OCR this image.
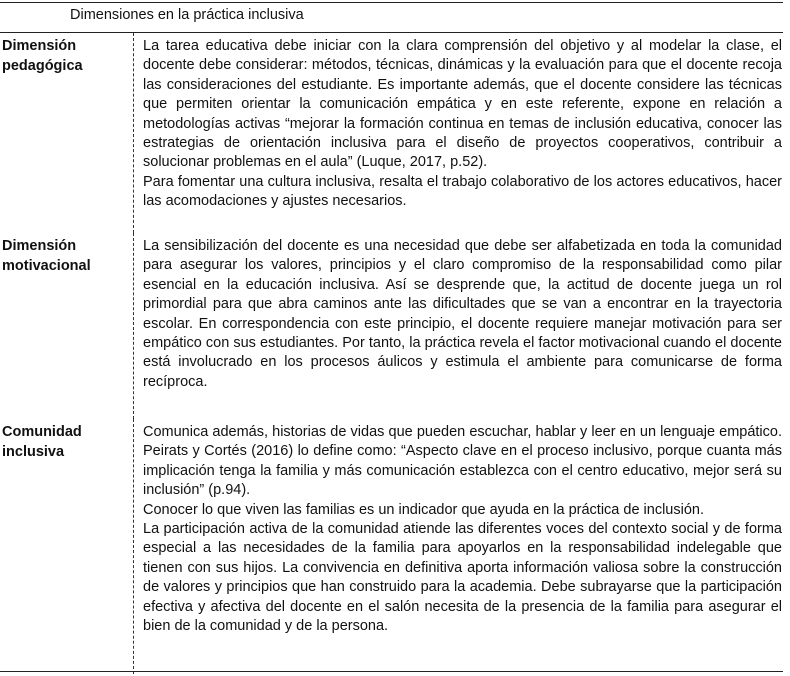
Dimensiones en la práctica inclusiva
Dimensión
pedagógica

La tarea educativa debe iniciar con la clara comprensión del objetivo y al modelar la clase, el docente debe considerar: métodos, técnicas, dinámicas y la evaluación para que el docente recoja las consideraciones del estudiante. Es importante además, que el docente considere las técnicas que permiten orientar la comunicación empática y en este referente, expone en relación a metodologías activas “mejorar la formación continua en temas de inclusión educativa, conocer las estrategias de orientación inclusiva para el diseño de proyectos cooperativos, contribuir a solucionar problemas en el aula” (Luque, 2017, p.52).

Para fomentar una cultura inclusiva, resalta el trabajo colaborativo de los actores educativos, hacer las acomodaciones y ajustes necesarios.

Dimensión
motivacional

La sensibilización del docente es una necesidad que debe ser alfabetizada en toda la comunidad para asegurar los valores, principios y el claro compromiso de la responsabilidad como pilar esencial en la educación inclusiva. Así se desprende que, la actitud de docente juega un rol primordial para que abra caminos ante las dificultades que se van a encontrar en la trayectoria escolar. En correspondencia con este principio, el docente requiere manejar motivación para ser empático con sus estudiantes. Por tanto, la práctica revela el factor motivacional cuando el docente está involucrado en los procesos áulicos y estimula el ambiente para comunicarse de forma recíproca.

Comunidad
inclusiva

Comunica además, historias de vidas que pueden escuchar, hablar y leer en un lenguaje empático. Peirats y Cortés (2016) lo define como: “Aspecto clave en el proceso inclusivo, porque cuanta más implicación tenga la familia y más comunicación establezca con el centro educativo, mejor será su inclusión” (p.94).

Conocer lo que viven las familias es un indicador que ayuda en la práctica de inclusión.

La participación activa de la comunidad atiende las diferentes voces del contexto social y de forma especial a las necesidades de la familia para apoyarlos en la responsabilidad indelegable que tienen con sus hijos. La convivencia en definitiva aporta información valiosa sobre la construcción de valores y principios que han construido para la academia. Debe subrayarse que la participación efectiva y afectiva del docente en el salón necesita de la presencia de la familia para asegurar el bien de la comunidad y de la persona.
